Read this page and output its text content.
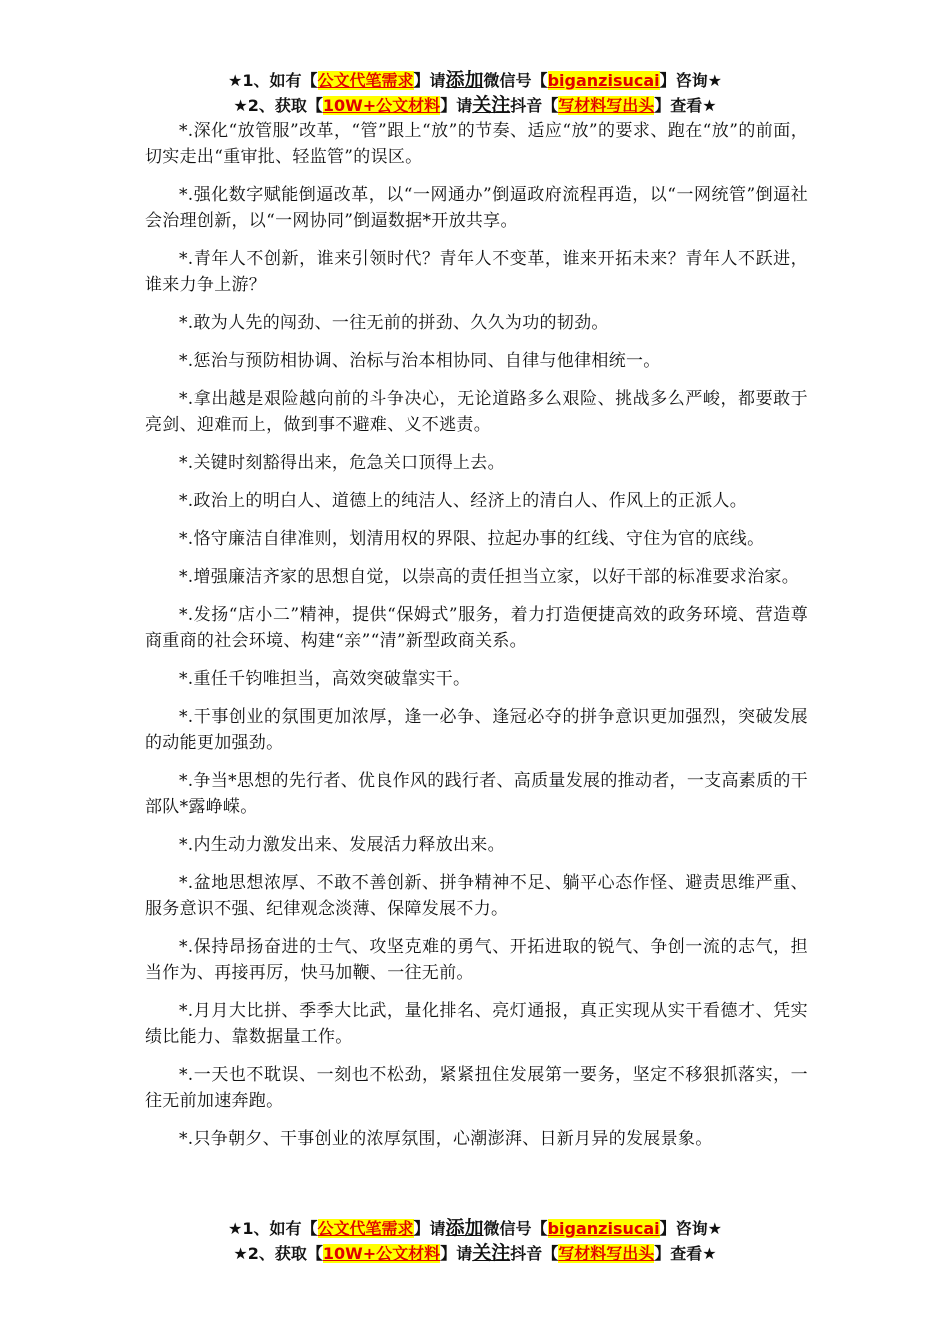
★1、如有【公文代笔需求】请添加微信号【biganzisucai】咨询★
★2、获取【10W+公文材料】请关注抖音【写材料写出头】查看★

*.深化“放管服”改革，“管”跟上“放”的节奏、适应“放”的要求、跑在“放”的前面，切实走出“重审批、轻监管”的误区。

*.强化数字赋能倒逼改革，以“一网通办”倒逼政府流程再造，以“一网统管”倒逼社会治理创新，以“一网协同”倒逼数据*开放共享。

*.青年人不创新，谁来引领时代？青年人不变革，谁来开拓未来？青年人不跃进，谁来力争上游？

*.敢为人先的闯劲、一往无前的拼劲、久久为功的韧劲。

*.惩治与预防相协调、治标与治本相协同、自律与他律相统一。

*.拿出越是艰险越向前的斗争决心，无论道路多么艰险、挑战多么严峻，都要敢于亮剑、迎难而上，做到事不避难、义不逃责。

*.关键时刻豁得出来，危急关口顶得上去。

*.政治上的明白人、道德上的纯洁人、经济上的清白人、作风上的正派人。

*.恪守廉洁自律准则，划清用权的界限、拉起办事的红线、守住为官的底线。

*.增强廉洁齐家的思想自觉，以崇高的责任担当立家，以好干部的标准要求治家。

*.发扬“店小二”精神，提供“保姆式”服务，着力打造便捷高效的政务环境、营造尊商重商的社会环境、构建“亲”“清”新型政商关系。

*.重任千钧唯担当，高效突破靠实干。

*.干事创业的氛围更加浓厚，逢一必争、逢冠必夺的拼争意识更加强烈，突破发展的动能更加强劲。

*.争当*思想的先行者、优良作风的践行者、高质量发展的推动者，一支高素质的干部队*露峥嵘。

*.内生动力激发出来、发展活力释放出来。

*.盆地思想浓厚、不敢不善创新、拼争精神不足、躺平心态作怪、避责思维严重、服务意识不强、纪律观念淡薄、保障发展不力。

*.保持昂扬奋进的士气、攻坚克难的勇气、开拓进取的锐气、争创一流的志气，担当作为、再接再厉，快马加鞭、一往无前。

*.月月大比拼、季季大比武，量化排名、亮灯通报，真正实现从实干看德才、凭实绩比能力、靠数据量工作。

*.一天也不耽误、一刻也不松劲，紧紧扭住发展第一要务，坚定不移狠抓落实，一往无前加速奔跑。

*.只争朝夕、干事创业的浓厚氛围，心潮澎湃、日新月异的发展景象。

★1、如有【公文代笔需求】请添加微信号【biganzisucai】咨询★
★2、获取【10W+公文材料】请关注抖音【写材料写出头】查看★
